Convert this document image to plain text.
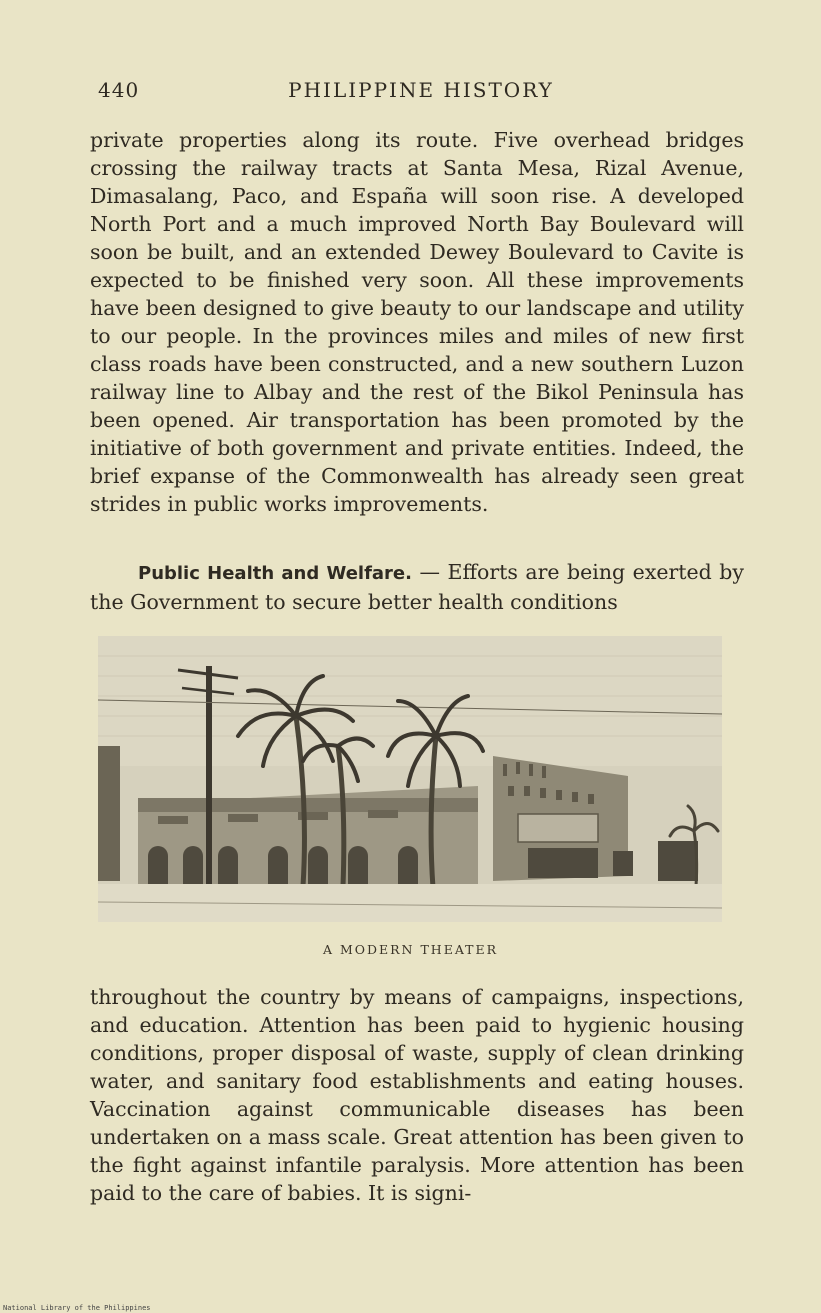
440	PHILIPPINE HISTORY

private properties along its route. Five overhead bridges crossing the railway tracts at Santa Mesa, Rizal Avenue, Dimasalang, Paco, and España will soon rise. A developed North Port and a much improved North Bay Boulevard will soon be built, and an extended Dewey Boulevard to Cavite is expected to be finished very soon. All these improvements have been designed to give beauty to our landscape and utility to our people. In the provinces miles and miles of new first class roads have been constructed, and a new southern Luzon railway line to Albay and the rest of the Bikol Peninsula has been opened. Air transportation has been promoted by the initiative of both government and private entities. Indeed, the brief expanse of the Commonwealth has already seen great strides in public works improvements.

Public Health and Welfare. — Efforts are being exerted by the Government to secure better health conditions

A MODERN THEATER

throughout the country by means of campaigns, inspections, and education. Attention has been paid to hygienic housing conditions, proper disposal of waste, supply of clean drinking water, and sanitary food establishments and eating houses. Vaccination against communicable diseases has been undertaken on a mass scale. Great attention has been given to the fight against infantile paralysis. More attention has been paid to the care of babies. It is signi-

National Library of the Philippines
